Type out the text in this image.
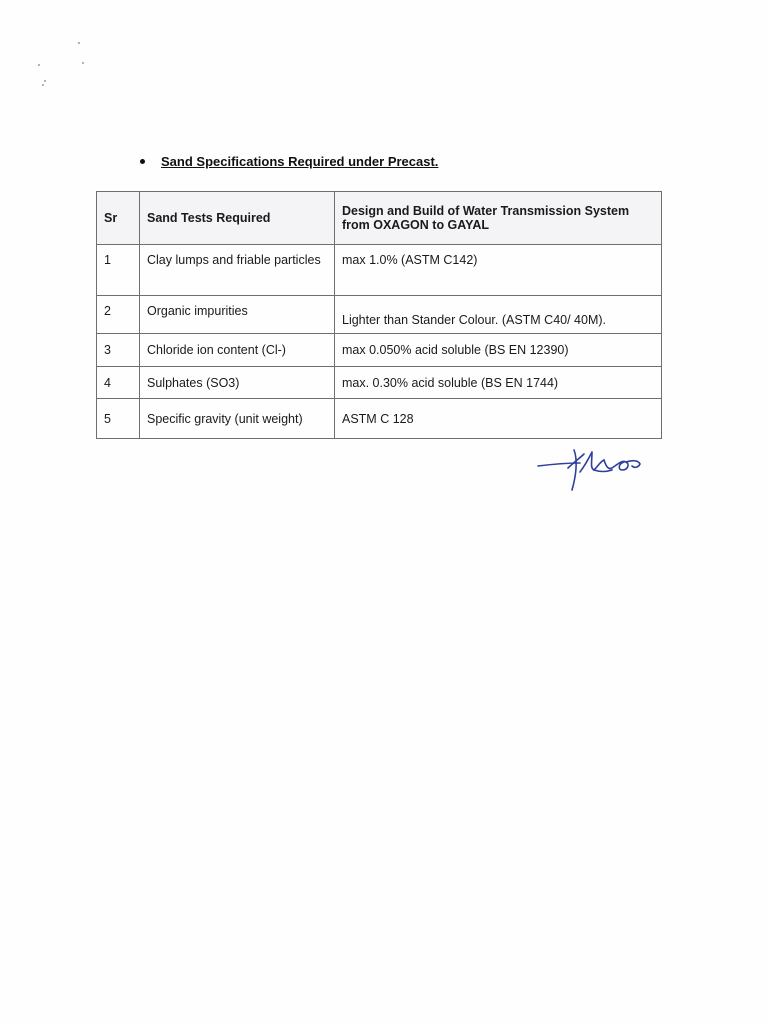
Sand Specifications Required under Precast.
Sr	Sand Tests Required	Design and Build of Water Transmission System
from OXAGON to GAYAL

1	Clay lumps and friable particles	max 1.0% (ASTM C142)
2	Organic impurities	Lighter than Stander Colour. (ASTM C40/ 40M).
3	Chloride ion content (Cl-)	max 0.050% acid soluble (BS EN 12390)
4	Sulphates (SO3)	max. 0.30% acid soluble (BS EN 1744)
5	Specific gravity (unit weight)	ASTM C 128
